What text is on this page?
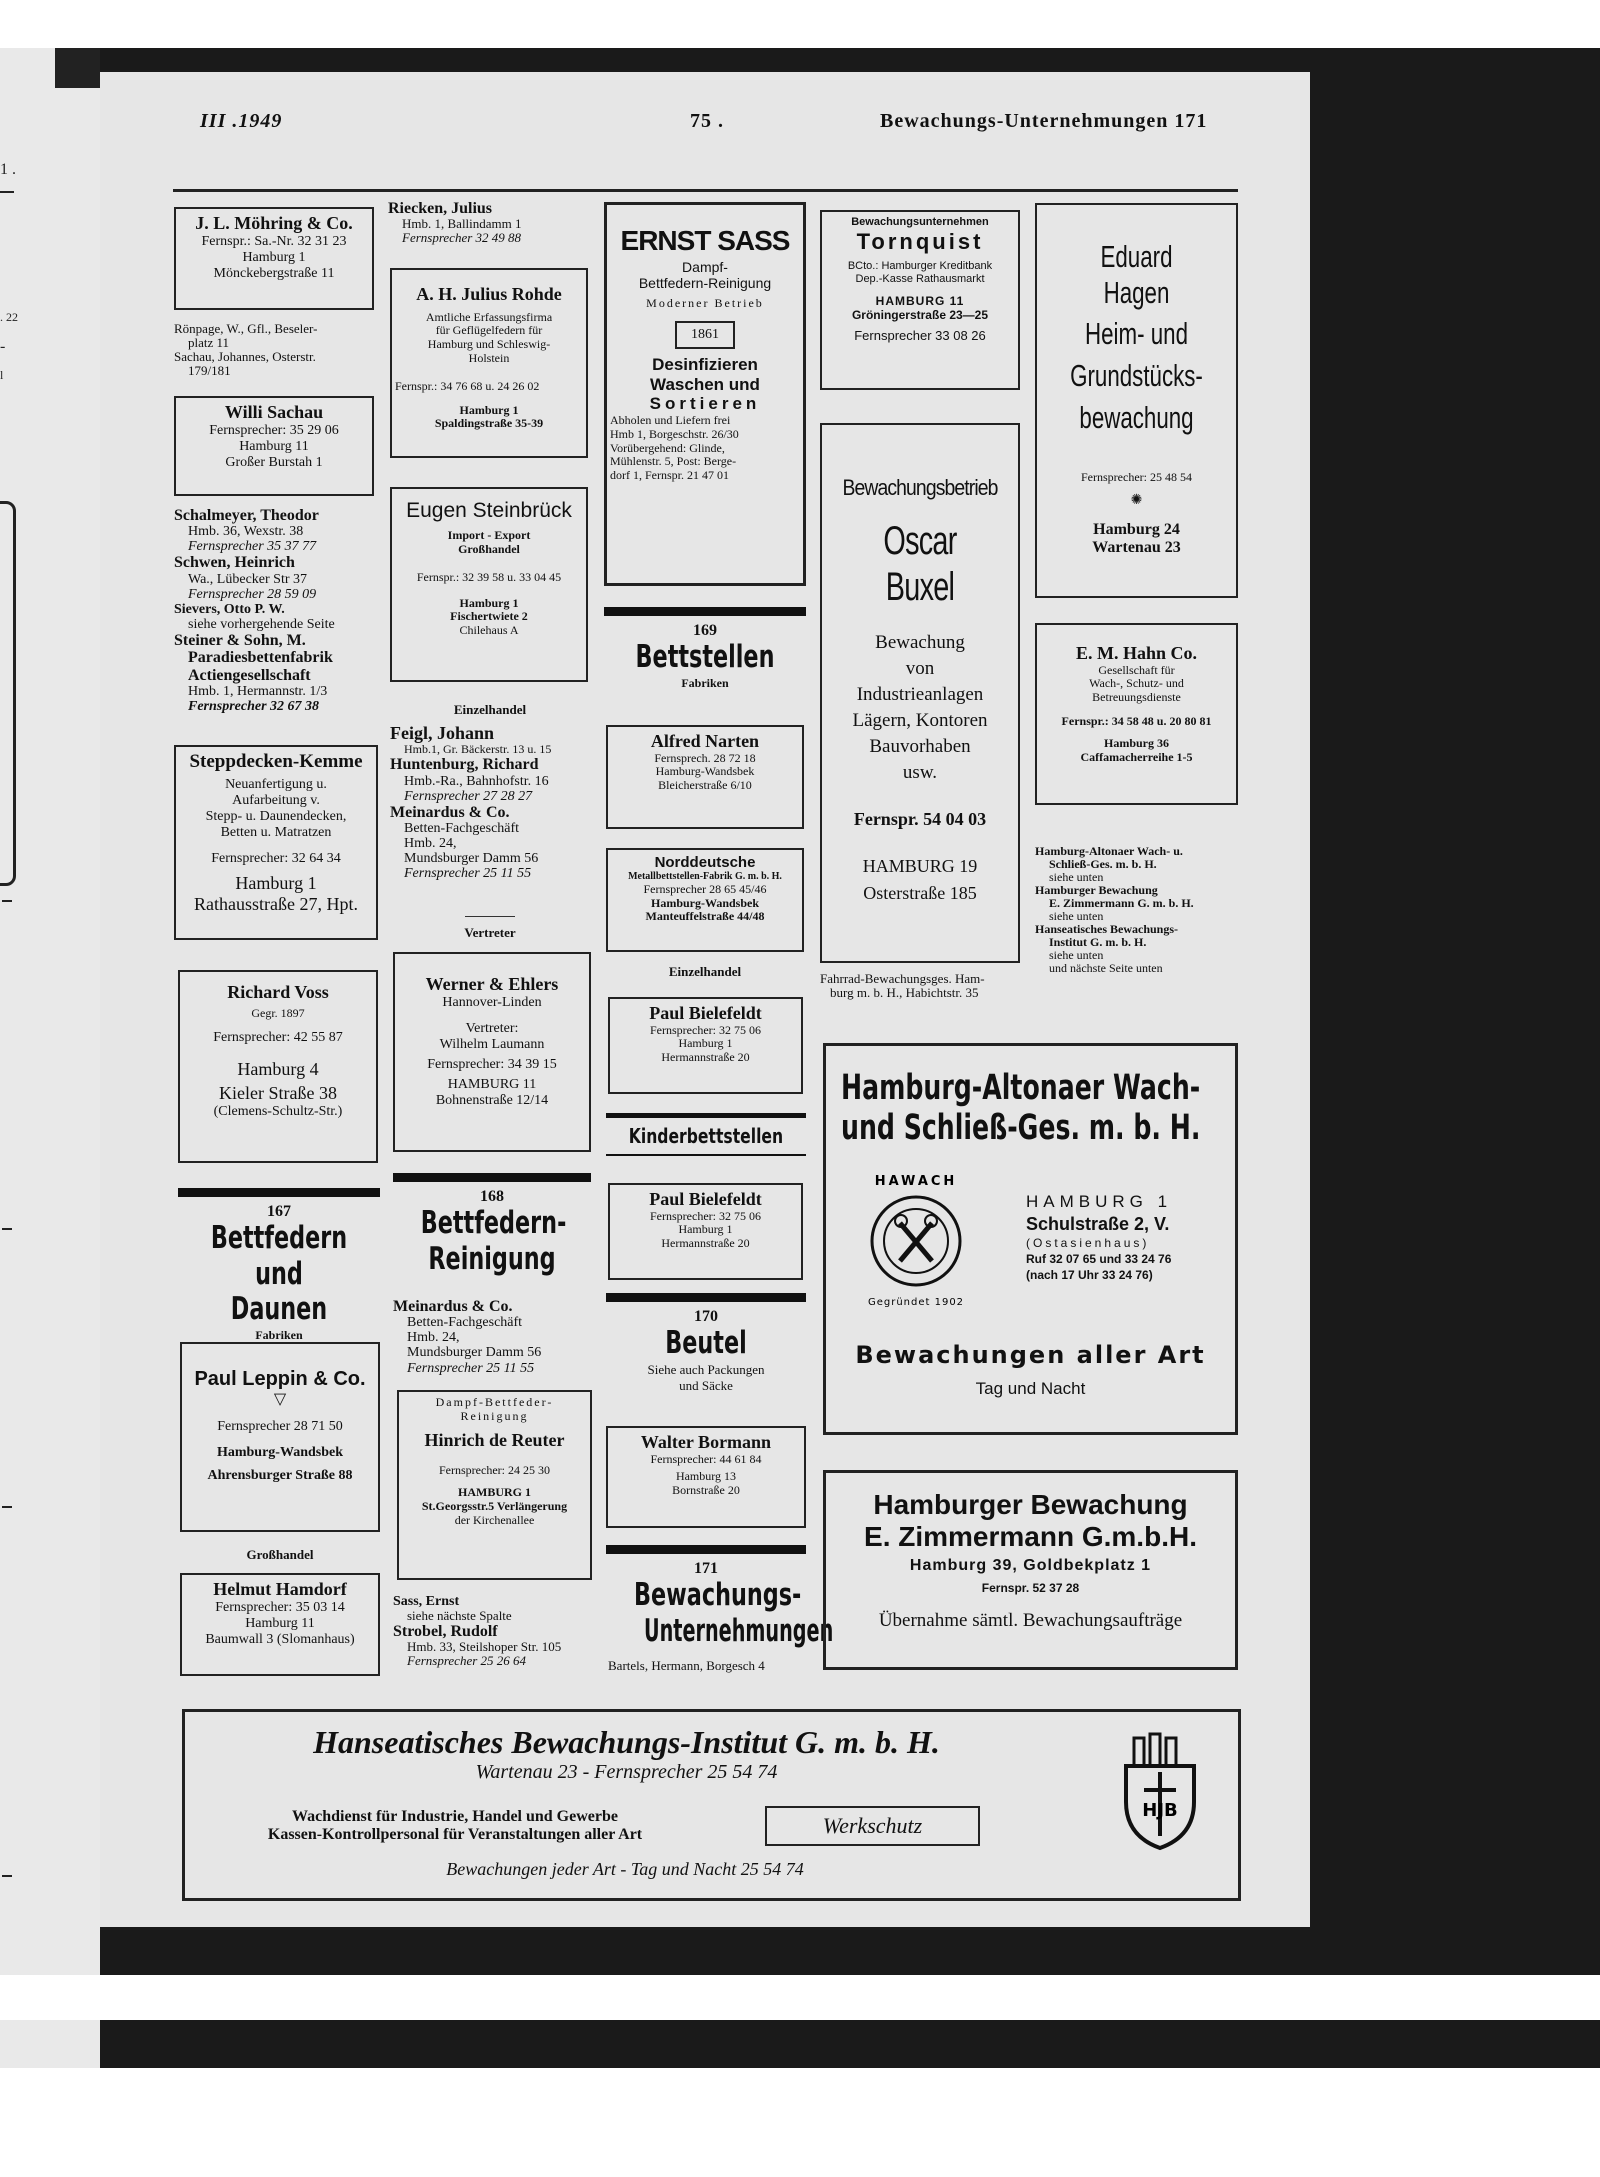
1 .
. 22
-
l
III .1949	75 .	Bewachungs-Unternehmungen 171
J. L. Möhring & Co.
Fernspr.: Sa.-Nr. 32 31 23
Hamburg 1
Mönckebergstraße 11
Rönpage, W., Gfl., Beseler-
platz 11
Sachau, Johannes, Osterstr.
179/181
Willi Sachau
Fernsprecher: 35 29 06
Hamburg 11
Großer Burstah 1
Schalmeyer, Theodor
Hmb. 36, Wexstr. 38
Fernsprecher 35 37 77
Schwen, Heinrich
Wa., Lübecker Str 37
Fernsprecher 28 59 09
Sievers, Otto P. W.
siehe vorhergehende Seite
Steiner & Sohn, M.
Paradiesbettenfabrik
Actiengesellschaft
Hmb. 1, Hermannstr. 1/3
Fernsprecher 32 67 38
Steppdecken-Kemme
Neuanfertigung u.
Aufarbeitung v.
Stepp- u. Daunendecken,
Betten u. Matratzen
Fernsprecher: 32 64 34
Hamburg 1
Rathausstraße 27, Hpt.
Richard Voss
Gegr. 1897
Fernsprecher: 42 55 87
Hamburg 4
Kieler Straße 38
(Clemens-Schultz-Str.)
167
Bettfedern
und Daunen
Fabriken
Paul Leppin & Co.
▽
Fernsprecher 28 71 50
Hamburg-Wandsbek
Ahrensburger Straße 88
Großhandel
Helmut Hamdorf
Fernsprecher: 35 03 14
Hamburg 11
Baumwall 3 (Slomanhaus)
Riecken, Julius
Hmb. 1, Ballindamm 1
Fernsprecher 32 49 88
A. H. Julius Rohde
Amtliche Erfassungsfirma
für Geflügelfedern für
Hamburg und Schleswig-
Holstein
Fernspr.: 34 76 68 u. 24 26 02
Hamburg 1
Spaldingstraße 35-39
Eugen Steinbrück
Import - Export
Großhandel
Fernspr.: 32 39 58 u. 33 04 45
Hamburg 1
Fischertwiete 2
Chilehaus A
Einzelhandel
Feigl, Johann
Hmb.1, Gr. Bäckerstr. 13 u. 15
Huntenburg, Richard
Hmb.-Ra., Bahnhofstr. 16
Fernsprecher 27 28 27
Meinardus & Co.
Betten-Fachgeschäft
Hmb. 24,
Mundsburger Damm 56
Fernsprecher 25 11 55
Vertreter
Werner & Ehlers
Hannover-Linden
Vertreter:
Wilhelm Laumann
Fernsprecher: 34 39 15
HAMBURG 11
Bohnenstraße 12/14
168
Bettfedern-
Reinigung
Meinardus & Co.
Betten-Fachgeschäft
Hmb. 24,
Mundsburger Damm 56
Fernsprecher 25 11 55
Dampf-Bettfeder-
Reinigung
Hinrich de Reuter
Fernsprecher: 24 25 30
HAMBURG 1
St.Georgsstr.5 Verlängerung
der Kirchenallee
Sass, Ernst
siehe nächste Spalte
Strobel, Rudolf
Hmb. 33, Steilshoper Str. 105
Fernsprecher 25 26 64
ERNST SASS
Dampf-
Bettfedern-Reinigung
Moderner Betrieb
1861
Desinfizieren
Waschen und
Sortieren
Abholen und Liefern frei
Hmb 1, Borgeschstr. 26/30
Vorübergehend: Glinde,
Mühlenstr. 5, Post: Berge-
dorf 1, Fernspr. 21 47 01
169
Bettstellen
Fabriken
Alfred Narten
Fernsprech. 28 72 18
Hamburg-Wandsbek
Bleicherstraße 6/10
Norddeutsche
Metallbettstellen-Fabrik G. m. b. H.
Fernsprecher 28 65 45/46
Hamburg-Wandsbek
Manteuffelstraße 44/48
Einzelhandel
Paul Bielefeldt
Fernsprecher: 32 75 06
Hamburg 1
Hermannstraße 20
Kinderbettstellen
Paul Bielefeldt
Fernsprecher: 32 75 06
Hamburg 1
Hermannstraße 20
170
Beutel
Siehe auch Packungen
und Säcke
Walter Bormann
Fernsprecher: 44 61 84
Hamburg 13
Bornstraße 20
171
Bewachungs-
Unternehmungen
Bartels, Hermann, Borgesch 4
Bewachungsunternehmen
Tornquist
BCto.: Hamburger Kreditbank
Dep.-Kasse Rathausmarkt
HAMBURG 11
Gröningerstraße 23—25
Fernsprecher 33 08 26
Bewachungsbetrieb
Oscar Buxel
Bewachung
von
Industrieanlagen
Lägern, Kontoren
Bauvorhaben
usw.
Fernspr. 54 04 03
HAMBURG 19
Osterstraße 185
Fahrrad-Bewachungsges. Ham-
burg m. b. H., Habichtstr. 35
Eduard Hagen
Heim- und
Grundstücks-
bewachung
Fernsprecher: 25 48 54
✺
Hamburg 24
Wartenau 23
E. M. Hahn Co.
Gesellschaft für
Wach-, Schutz- und
Betreuungsdienste
Fernspr.: 34 58 48 u. 20 80 81
Hamburg 36
Caffamacherreihe 1-5
Hamburg-Altonaer Wach- u.
Schließ-Ges. m. b. H.
siehe unten
Hamburger Bewachung
E. Zimmermann G. m. b. H.
siehe unten
Hanseatisches Bewachungs-
Institut G. m. b. H.
siehe unten
und nächste Seite unten
Hamburg-Altonaer Wach- und Schließ-Ges. m. b. H.
HAWACH
Gegründet 1902
HAMBURG 1
Schulstraße 2, V.
(Ostasienhaus)
Ruf 32 07 65 und 33 24 76
(nach 17 Uhr 33 24 76)
Bewachungen aller Art
Tag und Nacht
Hamburger Bewachung
E. Zimmermann G.m.b.H.
Hamburg 39, Goldbekplatz 1
Fernspr. 52 37 28
Übernahme sämtl. Bewachungsaufträge
Hanseatisches Bewachungs-Institut G. m. b. H.
Wartenau 23 - Fernsprecher 25 54 74
Wachdienst für Industrie, Handel und Gewerbe
Kassen-Kontrollpersonal für Veranstaltungen aller Art	Werkschutz
Bewachungen jeder Art - Tag und Nacht 25 54 74
HJB
